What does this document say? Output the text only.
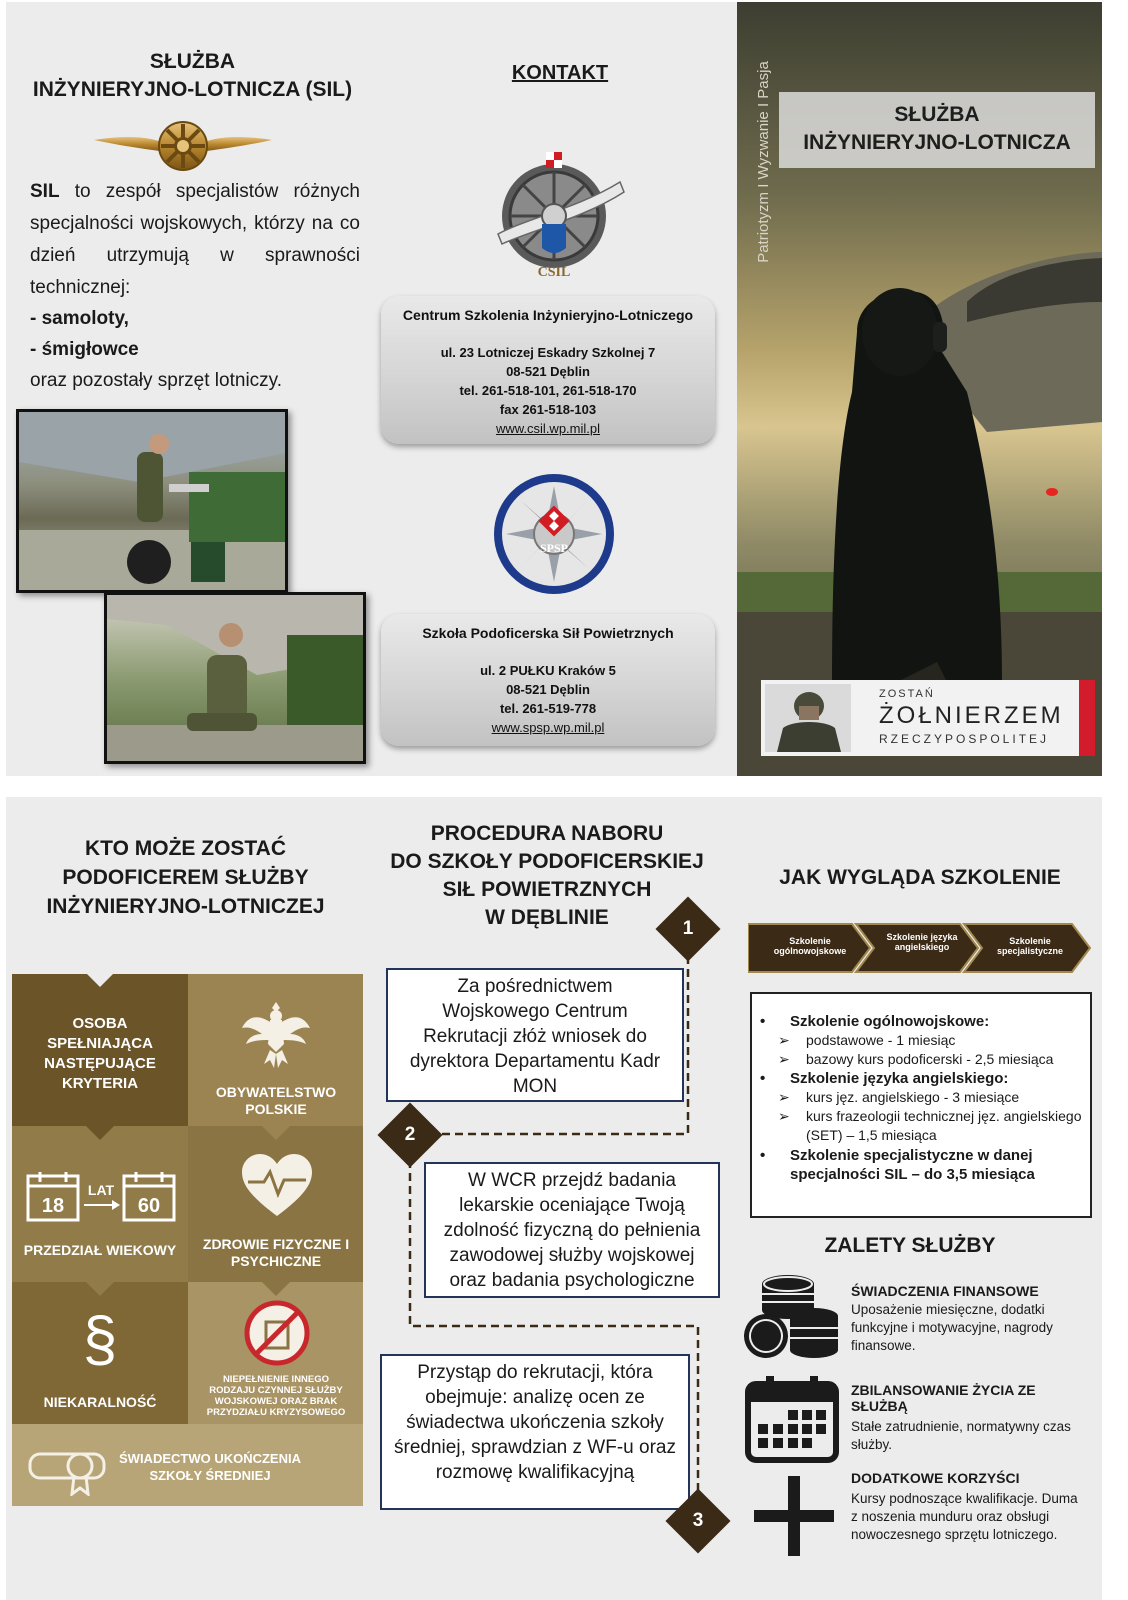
SŁUŻBA
INŻYNIERYJNO-LOTNICZA (SIL)
SIL to zespół specjalistów różnych specjalności wojskowych, którzy na co dzień utrzymują w sprawności technicznej:
- samoloty,
- śmigłowce
oraz pozostały sprzęt lotniczy.
KONTAKT
CSIL
Centrum Szkolenia Inżynieryjno-Lotniczego
ul. 23 Lotniczej Eskadry Szkolnej 7
08-521 Dęblin
tel. 261-518-101, 261-518-170
fax 261-518-103
www.csil.wp.mil.pl
SPSP
Szkoła Podoficerska Sił Powietrznych
ul. 2 PUŁKU Kraków 5
08-521 Dęblin
tel. 261-519-778
www.spsp.wp.mil.pl
Patriotyzm I Wyzwanie I Pasja	SŁUŻBA
INŻYNIERYJNO-LOTNICZA
ZOSTAŃ
ŻOŁNIERZEM
RZECZYPOSPOLITEJ
KTO MOŻE ZOSTAĆ
PODOFICEREM SŁUŻBY
INŻYNIERYJNO-LOTNICZEJ
OSOBA SPEŁNIAJĄCA NASTĘPUJĄCE KRYTERIA	OBYWATELSTWO POLSKIE
18
LAT
60
PRZEDZIAŁ WIEKOWY	ZDROWIE FIZYCZNE I PSYCHICZNE
§
NIEKARALNOŚĆ
NIEPEŁNIENIE INNEGO RODZAJU CZYNNEJ SŁUŻBY WOJSKOWEJ ORAZ BRAK PRZYDZIAŁU KRYZYSOWEGO
ŚWIADECTWO UKOŃCZENIA SZKOŁY ŚREDNIEJ
PROCEDURA NABORU
DO SZKOŁY PODOFICERSKIEJ
SIŁ POWIETRZNYCH
W DĘBLINIE
Za pośrednictwem Wojskowego Centrum Rekrutacji złóż wniosek do dyrektora Departamentu Kadr MON
W WCR przejdź badania lekarskie oceniające Twoją zdolność fizyczną do pełnienia zawodowej służby wojskowej oraz badania psychologiczne
Przystąp do rekrutacji, która obejmuje: analizę ocen ze świadectwa ukończenia szkoły średniej, sprawdzian z WF-u oraz rozmowę kwalifikacyjną
1
2
3
JAK WYGLĄDA SZKOLENIE
Szkolenie ogólnowojskowe
Szkolenie języka angielskiego
Szkolenie specjalistyczne
• Szkolenie ogólnowojskowe:
➢ podstawowe - 1 miesiąc
➢ bazowy kurs podoficerski - 2,5 miesiąca
• Szkolenie języka angielskiego:
➢ kurs jęz. angielskiego - 3 miesiące
➢ kurs frazeologii technicznej jęz. angielskiego (SET) – 1,5 miesiąca
• Szkolenie specjalistyczne w danej specjalności SIL – do 3,5 miesiąca
ZALETY SŁUŻBY
ŚWIADCZENIA FINANSOWE
Uposażenie miesięczne, dodatki funkcyjne i motywacyjne, nagrody finansowe.
ZBILANSOWANIE ŻYCIA ZE SŁUŻBĄ
Stałe zatrudnienie, normatywny czas służby.
DODATKOWE KORZYŚCI
Kursy podnoszące kwalifikacje. Duma z noszenia munduru oraz obsługi nowoczesnego sprzętu lotniczego.
